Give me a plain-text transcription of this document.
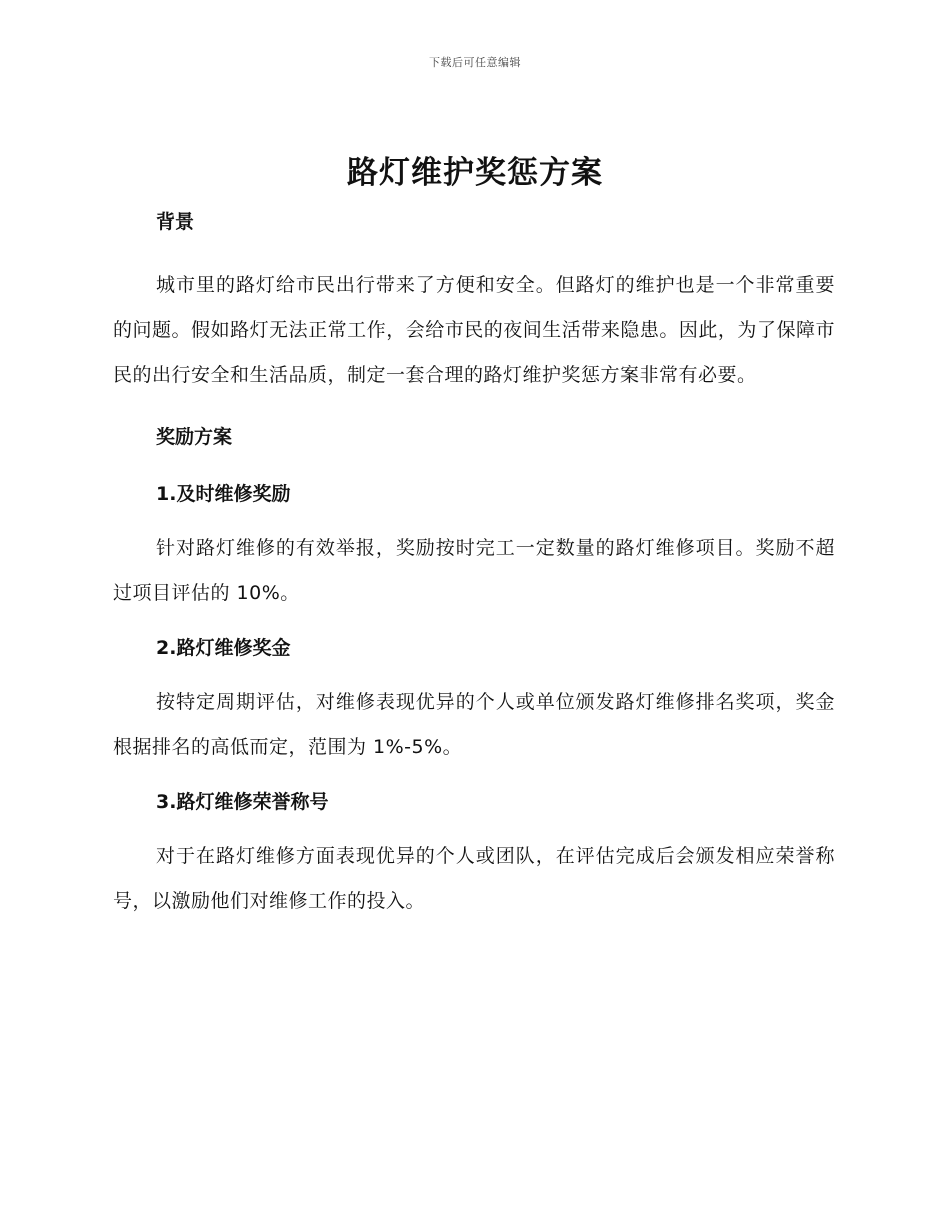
下载后可任意编辑
路灯维护奖惩方案
背景

城市里的路灯给市民出行带来了方便和安全。但路灯的维护也是一个非常重要的问题。假如路灯无法正常工作，会给市民的夜间生活带来隐患。因此，为了保障市民的出行安全和生活品质，制定一套合理的路灯维护奖惩方案非常有必要。

奖励方案
1.及时维修奖励

针对路灯维修的有效举报，奖励按时完工一定数量的路灯维修项目。奖励不超过项目评估的 10%。

2.路灯维修奖金

按特定周期评估，对维修表现优异的个人或单位颁发路灯维修排名奖项，奖金根据排名的高低而定，范围为 1%-5%。

3.路灯维修荣誉称号

对于在路灯维修方面表现优异的个人或团队，在评估完成后会颁发相应荣誉称号，以激励他们对维修工作的投入。
